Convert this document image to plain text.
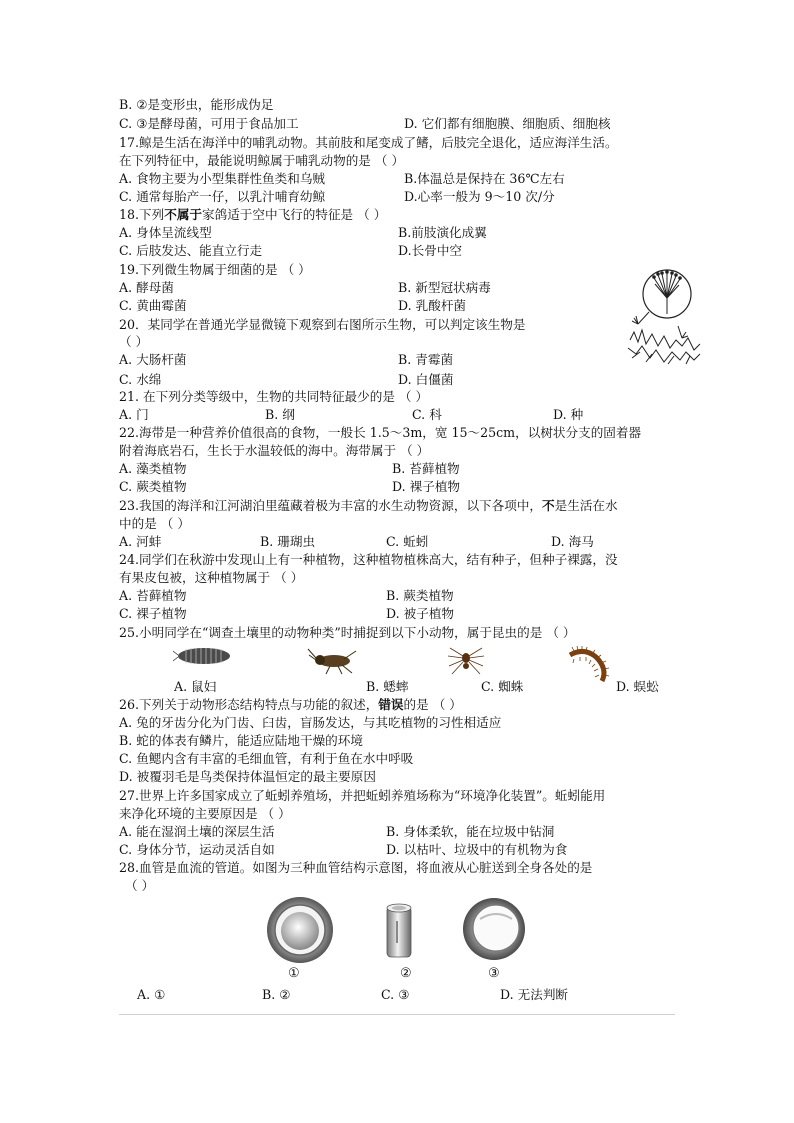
B. ②是变形虫，能形成伪足
C. ③是酵母菌，可用于食品加工	D. 它们都有细胞膜、细胞质、细胞核
17.鲸是生活在海洋中的哺乳动物。其前肢和尾变成了鳍，后肢完全退化，适应海洋生活。
在下列特征中，最能说明鲸属于哺乳动物的是 （ ）
A. 食物主要为小型集群性鱼类和乌贼	B.体温总是保持在 36℃左右
C. 通常每胎产一仔，以乳汁哺育幼鲸	D.心率一般为 9～10 次/分
18.下列不属于家鸽适于空中飞行的特征是 （ ）
A. 身体呈流线型	B.前肢演化成翼
C. 后肢发达、能直立行走	D.长骨中空
19.下列微生物属于细菌的是 （ ）
A. 酵母菌	B. 新型冠状病毒
C. 黄曲霉菌	D. 乳酸杆菌
20．某同学在普通光学显微镜下观察到右图所示生物，可以判定该生物是
（ ）
A. 大肠杆菌	B. 青霉菌
C. 水绵	D. 白僵菌
21. 在下列分类等级中，生物的共同特征最少的是 （ ）
A. 门	B. 纲	C. 科	D. 种
22.海带是一种营养价值很高的食物，一般长 1.5～3m，宽 15～25cm，以树状分支的固着器
附着海底岩石，生长于水温较低的海中。海带属于 （ ）
A. 藻类植物	B. 苔藓植物
C. 蕨类植物	D. 裸子植物
23.我国的海洋和江河湖泊里蕴藏着极为丰富的水生动物资源，以下各项中，不是生活在水
中的是 （ ）
A. 河蚌	B. 珊瑚虫	C. 蚯蚓	D. 海马
24.同学们在秋游中发现山上有一种植物，这种植物植株高大，结有种子，但种子裸露，没
有果皮包被，这种植物属于 （ ）
A. 苔藓植物	B. 蕨类植物
C. 裸子植物	D. 被子植物
25.小明同学在“调查土壤里的动物种类”时捕捉到以下小动物，属于昆虫的是 （ ）
A. 鼠妇	B. 蟋蟀	C. 蜘蛛	D. 蜈蚣
26.下列关于动物形态结构特点与功能的叙述，错误的是 （ ）
A. 兔的牙齿分化为门齿、臼齿，盲肠发达，与其吃植物的习性相适应
B. 蛇的体表有鳞片，能适应陆地干燥的环境
C. 鱼鳃内含有丰富的毛细血管，有利于鱼在水中呼吸
D. 被覆羽毛是鸟类保持体温恒定的最主要原因
27.世界上许多国家成立了蚯蚓养殖场，并把蚯蚓养殖场称为“环境净化装置”。蚯蚓能用
来净化环境的主要原因是 （ ）
A. 能在湿润土壤的深层生活	B. 身体柔软，能在垃圾中钻洞
C. 身体分节，运动灵活自如	D. 以枯叶、垃圾中的有机物为食
28.血管是血流的管道。如图为三种血管结构示意图，将血液从心脏送到全身各处的是
（ ）
①	②	③
A. ①	B. ②	C. ③	D. 无法判断
